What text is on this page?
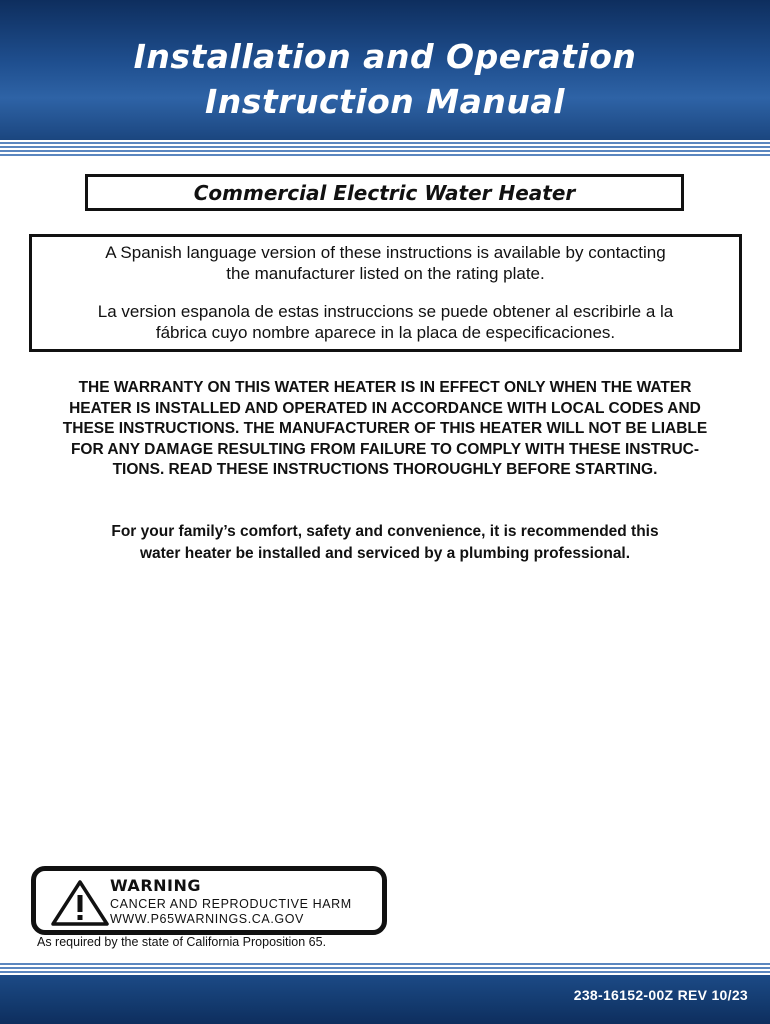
Installation and Operation
Instruction Manual
Commercial Electric Water Heater

A Spanish language version of these instructions is available by contacting
the manufacturer listed on the rating plate.

La version espanola de estas instruccions se puede obtener al escribirle a la
fábrica cuyo nombre aparece in la placa de especificaciones.

THE WARRANTY ON THIS WATER HEATER IS IN EFFECT ONLY WHEN THE WATER
HEATER IS INSTALLED AND OPERATED IN ACCORDANCE WITH LOCAL CODES AND
THESE INSTRUCTIONS. THE MANUFACTURER OF THIS HEATER WILL NOT BE LIABLE
FOR ANY DAMAGE RESULTING FROM FAILURE TO COMPLY WITH THESE INSTRUC-
TIONS. READ THESE INSTRUCTIONS THOROUGHLY BEFORE STARTING.
For your family’s comfort, safety and convenience, it is recommended this
water heater be installed and serviced by a plumbing professional.
WARNING
CANCER AND REPRODUCTIVE HARM
WWW.P65WARNINGS.CA.GOV
As required by the state of California Proposition 65.
238-16152-00Z REV 10/23
